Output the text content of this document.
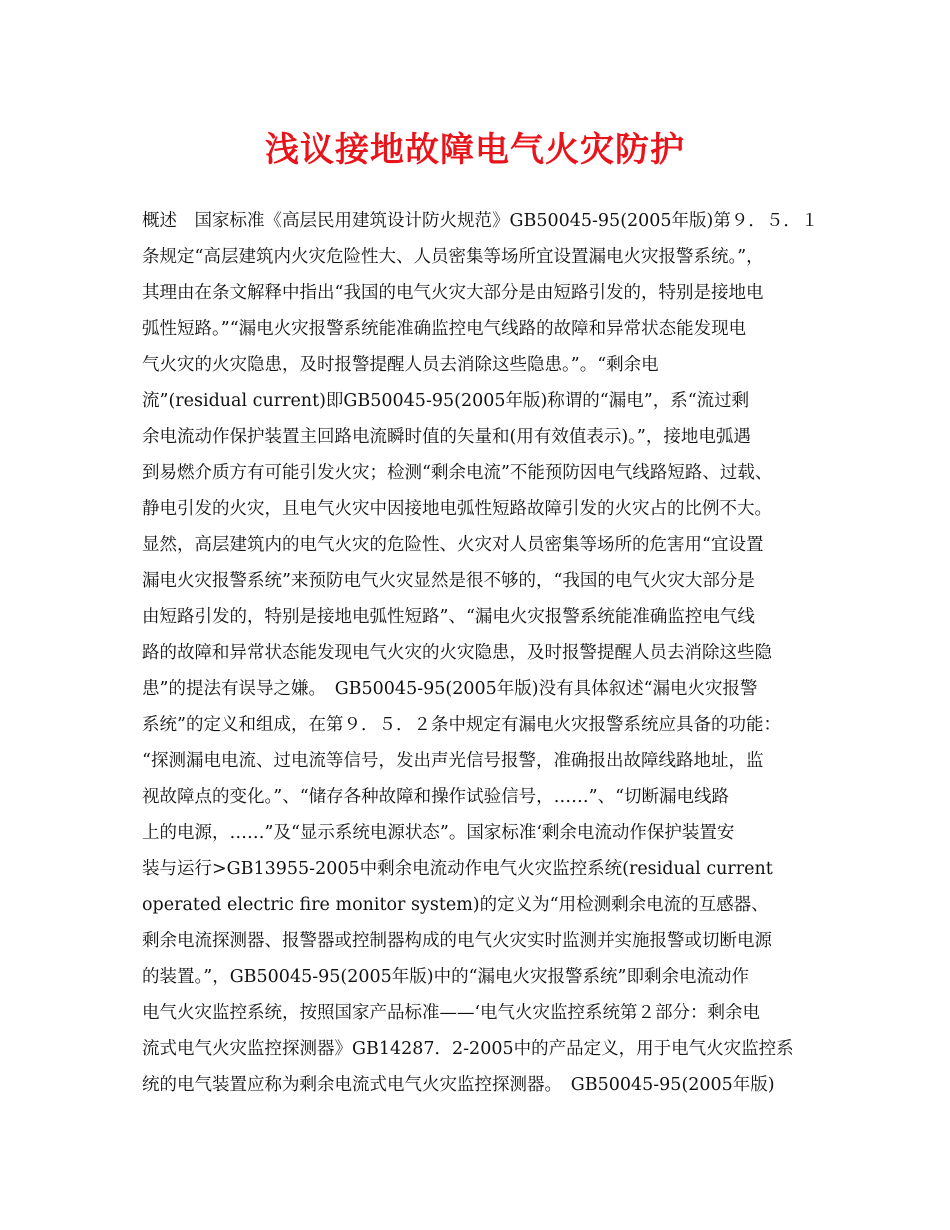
浅议接地故障电气火灾防护
概述　国家标准《高层民用建筑设计防火规范》GB50045-95(2005年版)第９．５．１
条规定“高层建筑内火灾危险性大、人员密集等场所宜设置漏电火灾报警系统。”，
其理由在条文解释中指出“我国的电气火灾大部分是由短路引发的，特别是接地电
弧性短路。”“漏电火灾报警系统能准确监控电气线路的故障和异常状态能发现电
气火灾的火灾隐患，及时报警提醒人员去消除这些隐患。”。“剩余电
流”(residual current)即GB50045-95(2005年版)称谓的“漏电”，系“流过剩
余电流动作保护装置主回路电流瞬时值的矢量和(用有效值表示)。”，接地电弧遇
到易燃介质方有可能引发火灾；检测“剩余电流”不能预防因电气线路短路、过载、
静电引发的火灾，且电气火灾中因接地电弧性短路故障引发的火灾占的比例不大。
显然，高层建筑内的电气火灾的危险性、火灾对人员密集等场所的危害用“宜设置
漏电火灾报警系统”来预防电气火灾显然是很不够的，“我国的电气火灾大部分是
由短路引发的，特别是接地电弧性短路”、“漏电火灾报警系统能准确监控电气线
路的故障和异常状态能发现电气火灾的火灾隐患，及时报警提醒人员去消除这些隐
患”的提法有误导之嫌。　GB50045-95(2005年版)没有具体叙述“漏电火灾报警
系统”的定义和组成，在第９．５．２条中规定有漏电火灾报警系统应具备的功能：
“探测漏电电流、过电流等信号，发出声光信号报警，准确报出故障线路地址，监
视故障点的变化。”、“储存各种故障和操作试验信号，……”、“切断漏电线路
上的电源，……”及“显示系统电源状态”。国家标准‘剩余电流动作保护装置安
装与运行>GB13955-2005中剩余电流动作电气火灾监控系统(residual current
operated electric fire monitor system)的定义为“用检测剩余电流的互感器、
剩余电流探测器、报警器或控制器构成的电气火灾实时监测并实施报警或切断电源
的装置。”，GB50045-95(2005年版)中的“漏电火灾报警系统”即剩余电流动作
电气火灾监控系统，按照国家产品标准——‘电气火灾监控系统第２部分：剩余电
流式电气火灾监控探测器》GB14287．2-2005中的产品定义，用于电气火灾监控系
统的电气装置应称为剩余电流式电气火灾监控探测器。　GB50045-95(2005年版)
